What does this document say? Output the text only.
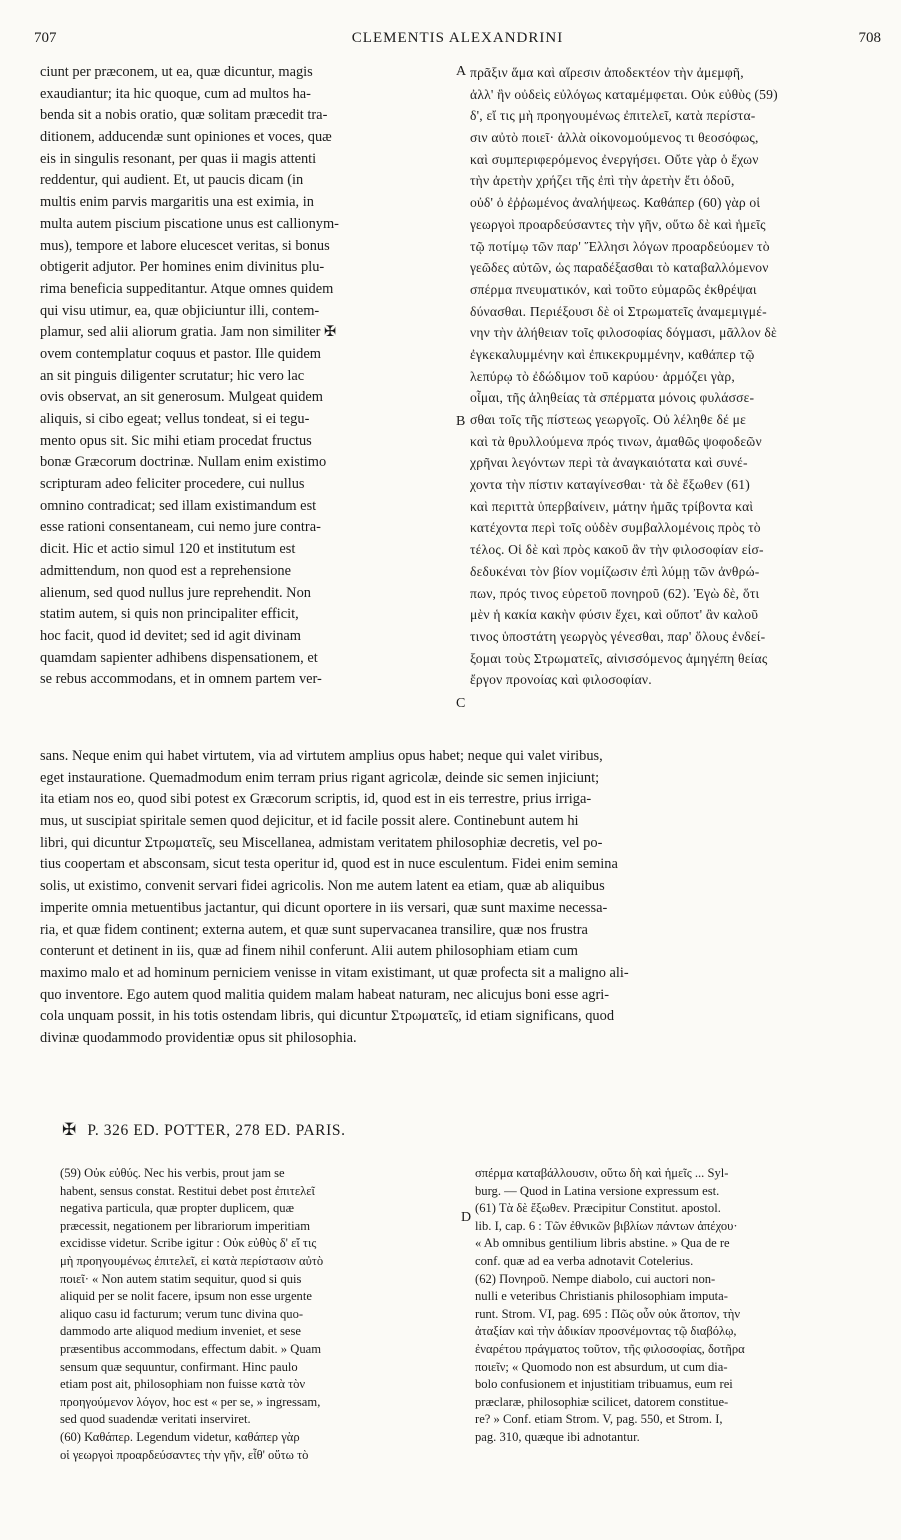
707	CLEMENTIS ALEXANDRINI	708
ciunt per præconem, ut ea, quæ dicuntur, magis
exaudiantur; ita hic quoque, cum ad multos ha-
benda sit a nobis oratio, quæ solitam præcedit tra-
ditionem, adducendæ sunt opiniones et voces, quæ
eis in singulis resonant, per quas ii magis attenti
reddentur, qui audient. Et, ut paucis dicam (in
multis enim parvis margaritis una est eximia, in
multa autem piscium piscatione unus est callionym-
mus), tempore et labore elucescet veritas, si bonus
obtigerit adjutor. Per homines enim divinitus plu-
rima beneficia suppeditantur. Atque omnes quidem
qui visu utimur, ea, quæ objiciuntur illi, contem-
plamur, sed alii aliorum gratia. Jam non similiter ✠
ovem contemplatur coquus et pastor. Ille quidem
an sit pinguis diligenter scrutatur; hic vero lac
ovis observat, an sit generosum. Mulgeat quidem
aliquis, si cibo egeat; vellus tondeat, si ei tegu-
mento opus sit. Sic mihi etiam procedat fructus
bonæ Græcorum doctrinæ. Nullam enim existimo
scripturam adeo feliciter procedere, cui nullus
omnino contradicat; sed illam existimandum est
esse rationi consentaneam, cui nemo jure contra-
dicit. Hic et actio simul 120 et institutum est
admittendum, non quod est a reprehensione
alienum, sed quod nullus jure reprehendit. Non
statim autem, si quis non principaliter efficit,
hoc facit, quod id devitet; sed id agit divinam
quamdam sapienter adhibens dispensationem, et
se rebus accommodans, et in omnem partem ver-
πρᾶξιν ἅμα καὶ αἵρεσιν ἀποδεκτέον τὴν ἀμεμφῆ,
ἀλλ' ἣν οὐδεὶς εὐλόγως καταμέμφεται. Οὐκ εὐθὺς (59)
δ', εἴ τις μὴ προηγουμένως ἐπιτελεῖ, κατὰ περίστα-
σιν αὐτὸ ποιεῖ· ἀλλὰ οἰκονομούμενος τι θεοσόφως,
καὶ συμπεριφερόμενος ἐνεργήσει. Οὔτε γὰρ ὁ ἔχων
τὴν ἀρετὴν χρήζει τῆς ἐπὶ τὴν ἀρετὴν ἔτι ὁδοῦ,
οὐδ' ὁ ἐῤῥωμένος ἀναλήψεως. Καθάπερ (60) γὰρ οἱ
γεωργοὶ προαρδεύσαντες τὴν γῆν, οὕτω δὲ καὶ ἡμεῖς
τῷ ποτίμῳ τῶν παρ' Ἕλλησι λόγων προαρδεύομεν τὸ
γεῶδες αὐτῶν, ὡς παραδέξασθαι τὸ καταβαλλόμενον
σπέρμα πνευματικόν, καὶ τοῦτο εὐμαρῶς ἐκθρέψαι
δύνασθαι. Περιέξουσι δὲ οἱ Στρωματεῖς ἀναμεμιγμέ-
νην τὴν ἀλήθειαν τοῖς φιλοσοφίας δόγμασι, μᾶλλον δὲ
ἐγκεκαλυμμένην καὶ ἐπικεκρυμμένην, καθάπερ τῷ
λεπύρῳ τὸ ἐδώδιμον τοῦ καρύου· ἁρμόζει γὰρ,
οἶμαι, τῆς ἀληθείας τὰ σπέρματα μόνοις φυλάσσε-
σθαι τοῖς τῆς πίστεως γεωργοῖς. Οὐ λέληθε δέ με
καὶ τὰ θρυλλούμενα πρός τινων, ἀμαθῶς ψοφοδεῶν
χρῆναι λεγόντων περὶ τὰ ἀναγκαιότατα καὶ συνέ-
χοντα τὴν πίστιν καταγίνεσθαι· τὰ δὲ ἔξωθεν (61)
καὶ περιττὰ ὑπερβαίνειν, μάτην ἡμᾶς τρίβοντα καὶ
κατέχοντα περὶ τοῖς οὐδὲν συμβαλλομένοις πρὸς τὸ
τέλος. Οἱ δὲ καὶ πρὸς κακοῦ ἂν τὴν φιλοσοφίαν εἰσ-
δεδυκέναι τὸν βίον νομίζωσιν ἐπὶ λύμῃ τῶν ἀνθρώ-
πων, πρός τινος εὑρετοῦ πονηροῦ (62). Ἐγὼ δὲ, ὅτι
μὲν ἡ κακία κακὴν φύσιν ἔχει, καὶ οὔποτ' ἂν καλοῦ
τινος ὑποστάτη γεωργὸς γένεσθαι, παρ' ὅλους ἐνδεί-
ξομαι τοὺς Στρωματεῖς, αἰνισσόμενος ἀμηγέπη θείας
ἔργον προνοίας καὶ φιλοσοφίαν.
A
B
C
D
sans. Neque enim qui habet virtutem, via ad virtutem amplius opus habet; neque qui valet viribus,
eget instauratione. Quemadmodum enim terram prius rigant agricolæ, deinde sic semen injiciunt;
ita etiam nos eo, quod sibi potest ex Græcorum scriptis, id, quod est in eis terrestre, prius irriga-
mus, ut suscipiat spiritale semen quod dejicitur, et id facile possit alere. Continebunt autem hi
libri, qui dicuntur Στρωματεῖς, seu Miscellanea, admistam veritatem philosophiæ decretis, vel po-
tius coopertam et absconsam, sicut testa operitur id, quod est in nuce esculentum. Fidei enim semina
solis, ut existimo, convenit servari fidei agricolis. Non me autem latent ea etiam, quæ ab aliquibus
imperite omnia metuentibus jactantur, qui dicunt oportere in iis versari, quæ sunt maxime necessa-
ria, et quæ fidem continent; externa autem, et quæ sunt supervacanea transilire, quæ nos frustra
conterunt et detinent in iis, quæ ad finem nihil conferunt. Alii autem philosophiam etiam cum
maximo malo et ad hominum perniciem venisse in vitam existimant, ut quæ profecta sit a maligno ali-
quo inventore. Ego autem quod malitia quidem malam habeat naturam, nec alicujus boni esse agri-
cola unquam possit, in his totis ostendam libris, qui dicuntur Στρωματεῖς, id etiam significans, quod
divinæ quodammodo providentiæ opus sit philosophia.
✠ P. 326 ED. POTTER, 278 ED. PARIS.
(59) Οὐκ εὐθύς. Nec his verbis, prout jam se
habent, sensus constat. Restitui debet post ἐπιτελεῖ
negativa particula, quæ propter duplicem, quæ
præcessit, negationem per librariorum imperitiam
excidisse videtur. Scribe igitur : Οὐκ εὐθὺς δ' εἴ τις
μὴ προηγουμένως ἐπιτελεῖ, εἰ κατὰ περίστασιν αὐτὸ
ποιεῖ· « Non autem statim sequitur, quod si quis
aliquid per se nolit facere, ipsum non esse urgente
aliquo casu id facturum; verum tunc divina quo-
dammodo arte aliquod medium inveniet, et sese
præsentibus accommodans, effectum dabit. » Quam
sensum quæ sequuntur, confirmant. Hinc paulo
etiam post ait, philosophiam non fuisse κατὰ τὸν
προηγούμενον λόγον, hoc est « per se, » ingressam,
sed quod suadendæ veritati inserviret.
(60) Καθάπερ. Legendum videtur, καθάπερ γὰρ
οἱ γεωργοὶ προαρδεύσαντες τὴν γῆν, εἶθ' οὕτω τὸ
σπέρμα καταβάλλουσιν, οὕτω δὴ καὶ ἡμεῖς ... Syl-
burg. — Quod in Latina versione expressum est.
(61) Τὰ δὲ ἔξωθεν. Præcipitur Constitut. apostol.
lib. I, cap. 6 : Τῶν ἐθνικῶν βιβλίων πάντων ἀπέχου·
« Ab omnibus gentilium libris abstine. » Qua de re
conf. quæ ad ea verba adnotavit Cotelerius.
(62) Πονηροῦ. Nempe diabolo, cui auctori non-
nulli e veteribus Christianis philosophiam imputa-
runt. Strom. VI, pag. 695 : Πῶς οὖν οὐκ ἄτοπον, τὴν
ἀταξίαν καὶ τὴν ἀδικίαν προσνέμοντας τῷ διαβόλῳ,
ἐναρέτου πράγματος τοῦτον, τῆς φιλοσοφίας, δοτῆρα
ποιεῖν; « Quomodo non est absurdum, ut cum dia-
bolo confusionem et injustitiam tribuamus, eum rei
præclaræ, philosophiæ scilicet, datorem constitue-
re? » Conf. etiam Strom. V, pag. 550, et Strom. I,
pag. 310, quæque ibi adnotantur.
